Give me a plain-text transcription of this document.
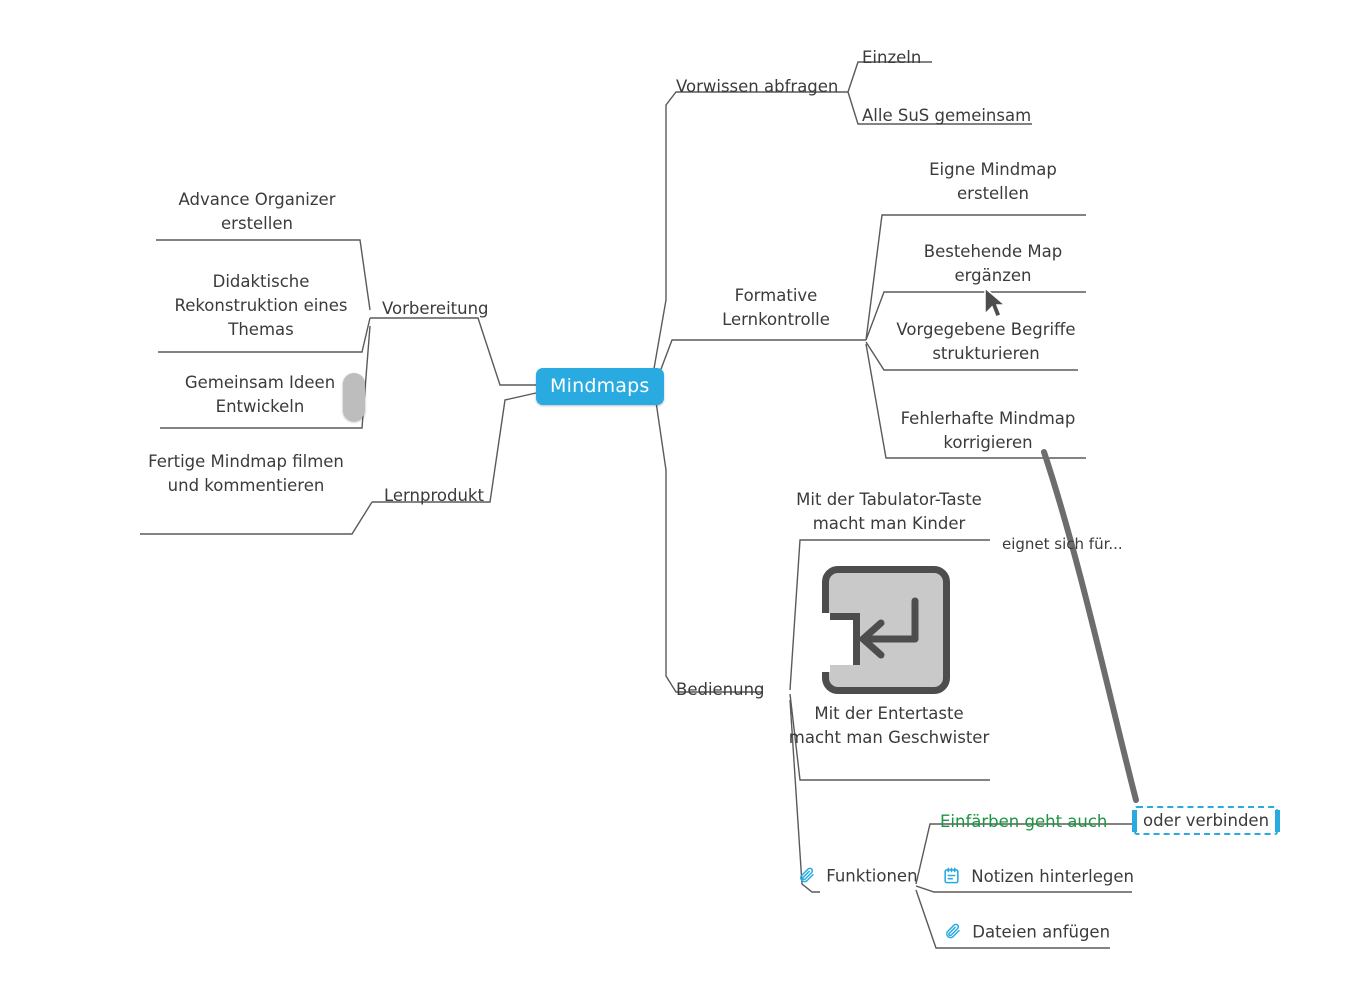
Mindmaps
Advance Organizer erstellen
Didaktische Rekonstruktion eines Themas
Gemeinsam Ideen Entwickeln
Fertige Mindmap filmen und kommentieren
Vorbereitung
Lernprodukt
Vorwissen abfragen
Einzeln
Alle SuS gemeinsam
Formative Lernkontrolle
Eigne Mindmap erstellen
Bestehende Map ergänzen
Vorgegebene Begriffe strukturieren
Fehlerhafte Mindmap korrigieren
Bedienung
Mit der Tabulator-Taste macht man Kinder
Mit der Entertaste macht man Geschwister
Funktionen
Einfärben geht auch
Notizen hinterlegen
Dateien anfügen
eignet sich für...
oder verbinden
